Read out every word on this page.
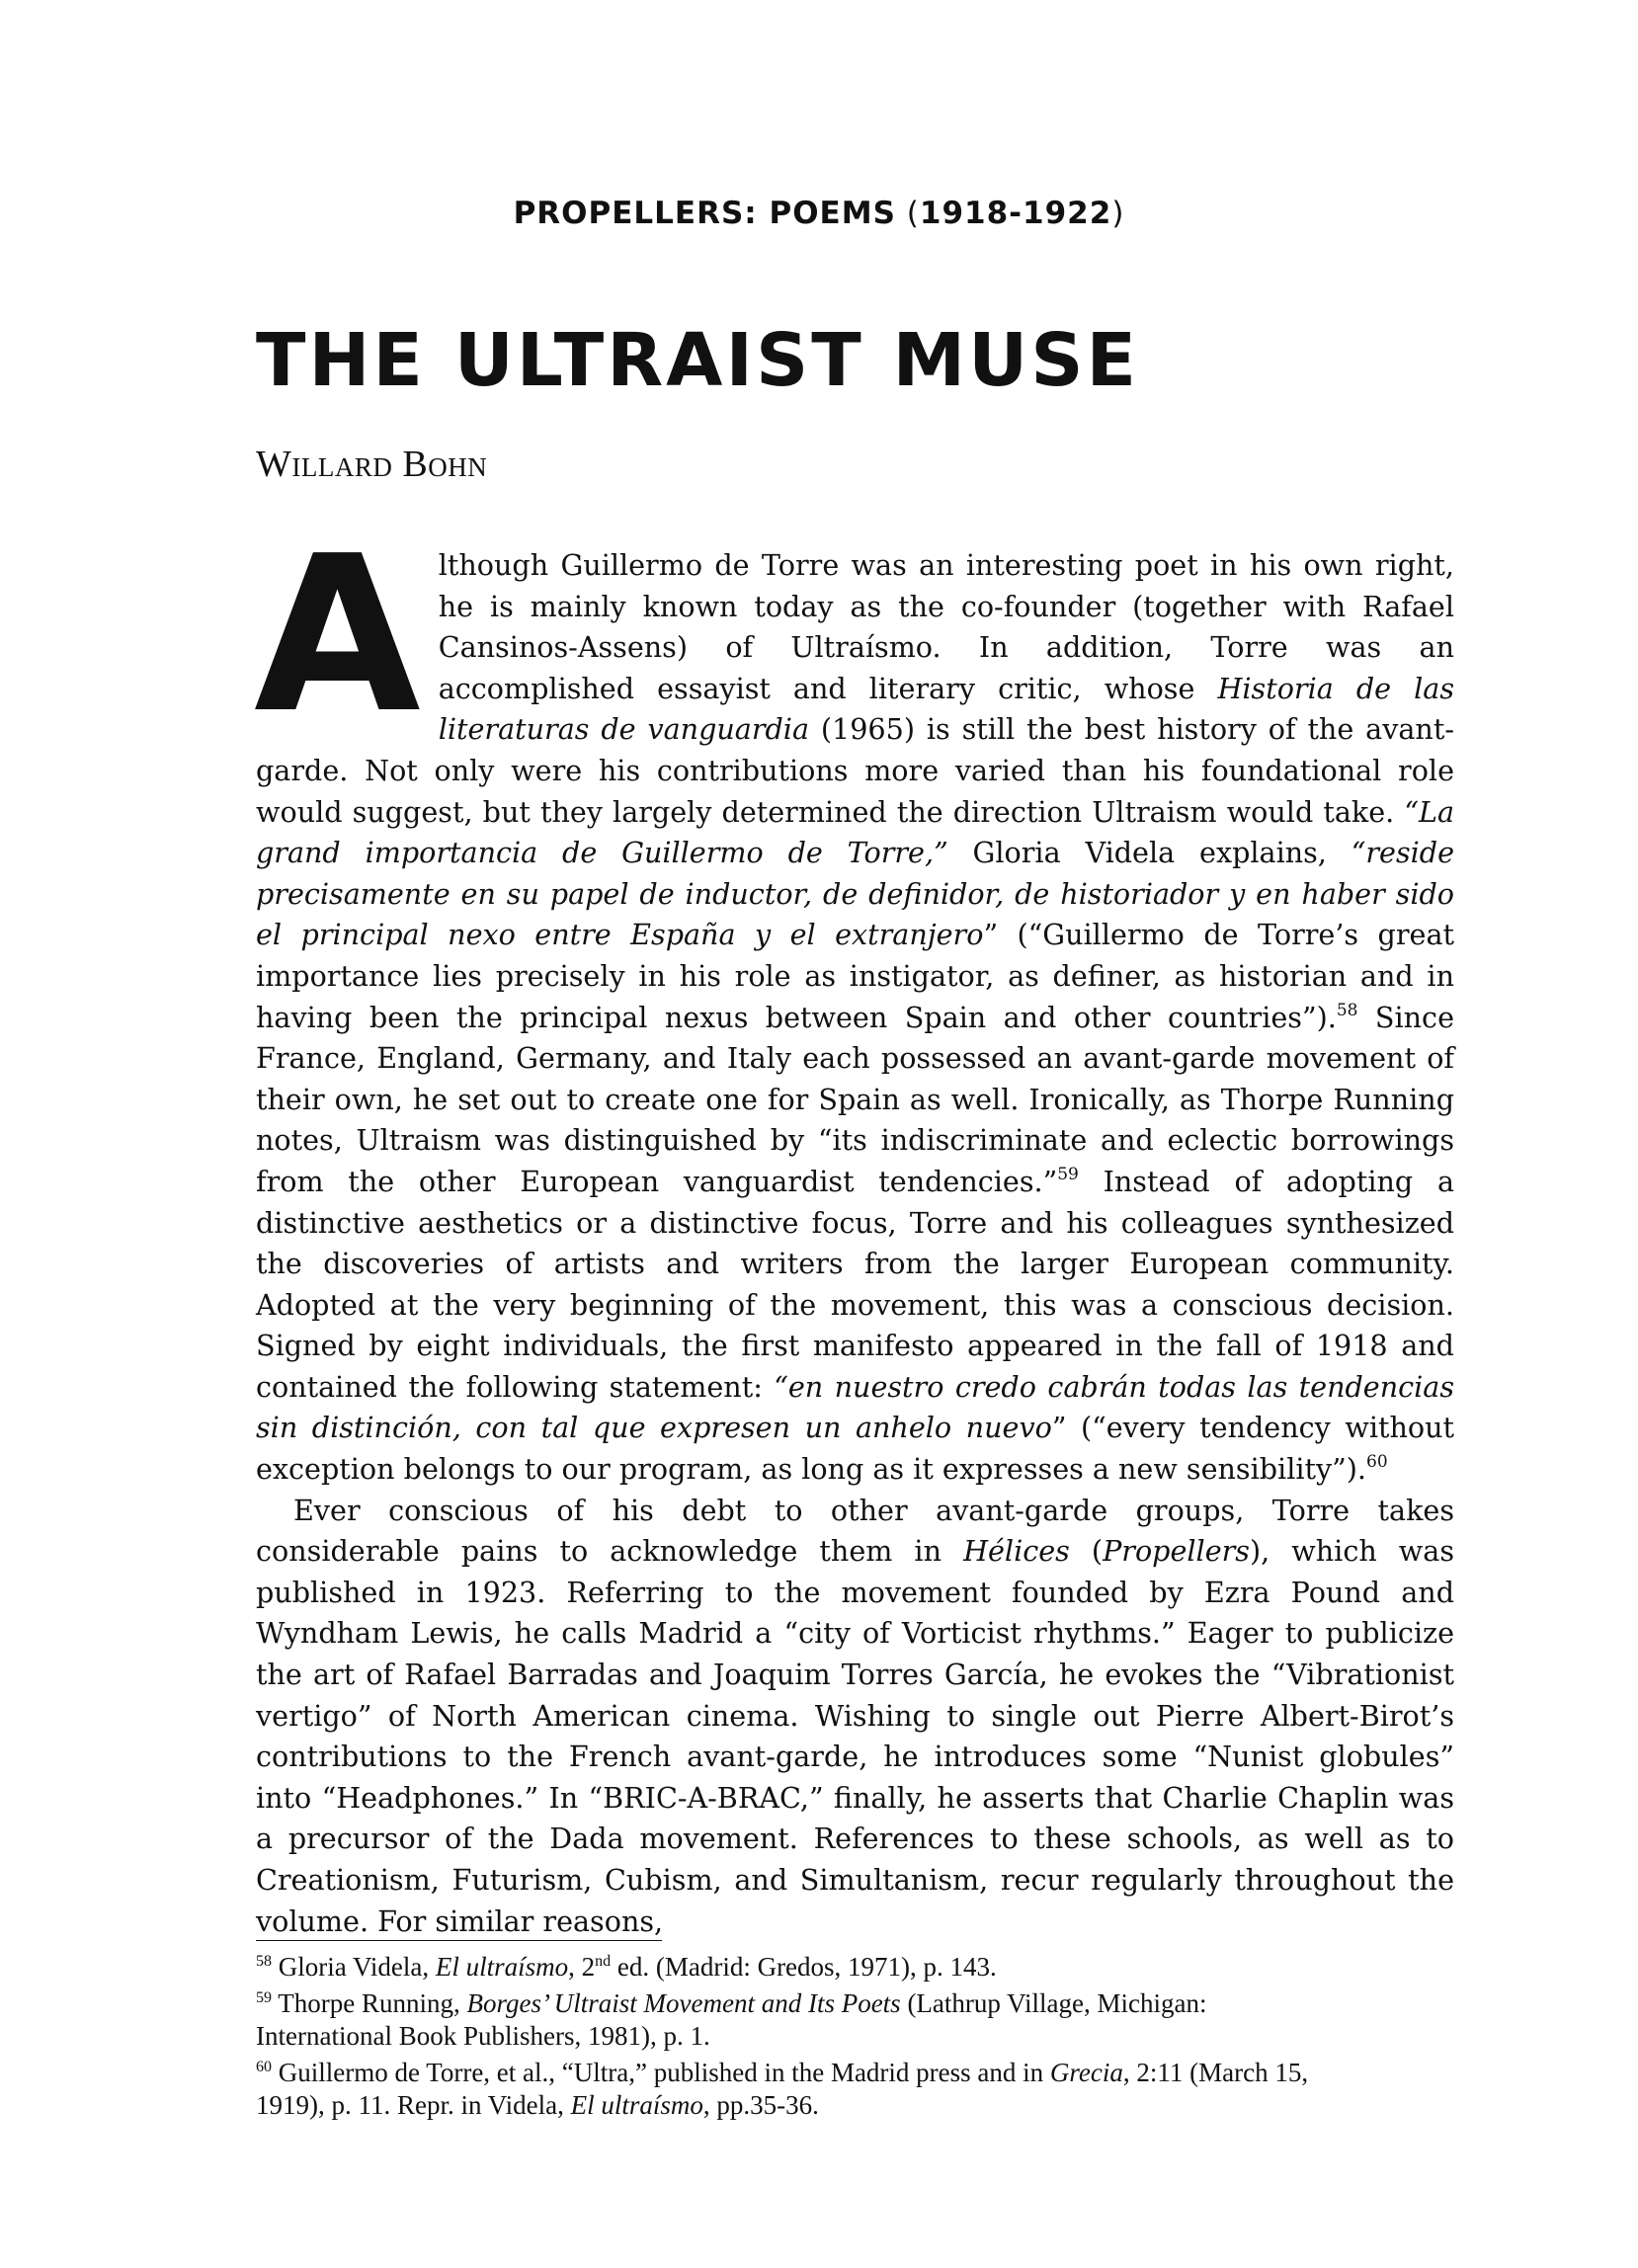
PROPELLERS: POEMS (1918-1922)
THE ULTRAIST MUSE
Willard Bohn

Although Guillermo de Torre was an interesting poet in his own right, he is mainly known today as the co-founder (together with Rafael Cansinos-Assens) of Ultraísmo. In addition, Torre was an accomplished essayist and literary critic, whose Historia de las literaturas de vanguardia (1965) is still the best history of the avant-garde. Not only were his contributions more varied than his foundational role would suggest, but they largely determined the direction Ultraism would take. “La grand importancia de Guillermo de Torre,” Gloria Videla explains, “reside precisamente en su papel de inductor, de definidor, de historiador y en haber sido el principal nexo entre España y el extranjero” (“Guillermo de Torre’s great importance lies precisely in his role as instigator, as definer, as historian and in having been the principal nexus between Spain and other countries”).$^{58}$ Since France, England, Germany, and Italy each possessed an avant-garde movement of their own, he set out to create one for Spain as well. Ironically, as Thorpe Running notes, Ultraism was distinguished by “its indiscriminate and eclectic borrowings from the other European vanguardist tendencies.”$^{59}$ Instead of adopting a distinctive aesthetics or a distinctive focus, Torre and his colleagues synthesized the discoveries of artists and writers from the larger European community. Adopted at the very beginning of the movement, this was a conscious decision. Signed by eight individuals, the first manifesto appeared in the fall of 1918 and contained the following statement: “en nuestro credo cabrán todas las tendencias sin distinción, con tal que expresen un anhelo nuevo” (“every tendency without exception belongs to our program, as long as it expresses a new sensibility”).$^{60}$

Ever conscious of his debt to other avant-garde groups, Torre takes considerable pains to acknowledge them in Hélices (Propellers), which was published in 1923. Referring to the movement founded by Ezra Pound and Wyndham Lewis, he calls Madrid a “city of Vorticist rhythms.” Eager to publicize the art of Rafael Barradas and Joaquim Torres García, he evokes the “Vibrationist vertigo” of North American cinema. Wishing to single out Pierre Albert-Birot’s contributions to the French avant-garde, he introduces some “Nunist globules” into “Headphones.” In “BRIC-A-BRAC,” finally, he asserts that Charlie Chaplin was a precursor of the Dada movement. References to these schools, as well as to Creationism, Futurism, Cubism, and Simultanism, recur regularly throughout the volume. For similar reasons,

$^{58}$ Gloria Videla, El ultraísmo, 2nd ed. (Madrid: Gredos, 1971), p. 143.

$^{59}$ Thorpe Running, Borges’ Ultraist Movement and Its Poets (Lathrup Village, Michigan: International Book Publishers, 1981), p. 1.

$^{60}$ Guillermo de Torre, et al., “Ultra,” published in the Madrid press and in Grecia, 2:11 (March 15, 1919), p. 11. Repr. in Videla, El ultraísmo, pp.35-36.
